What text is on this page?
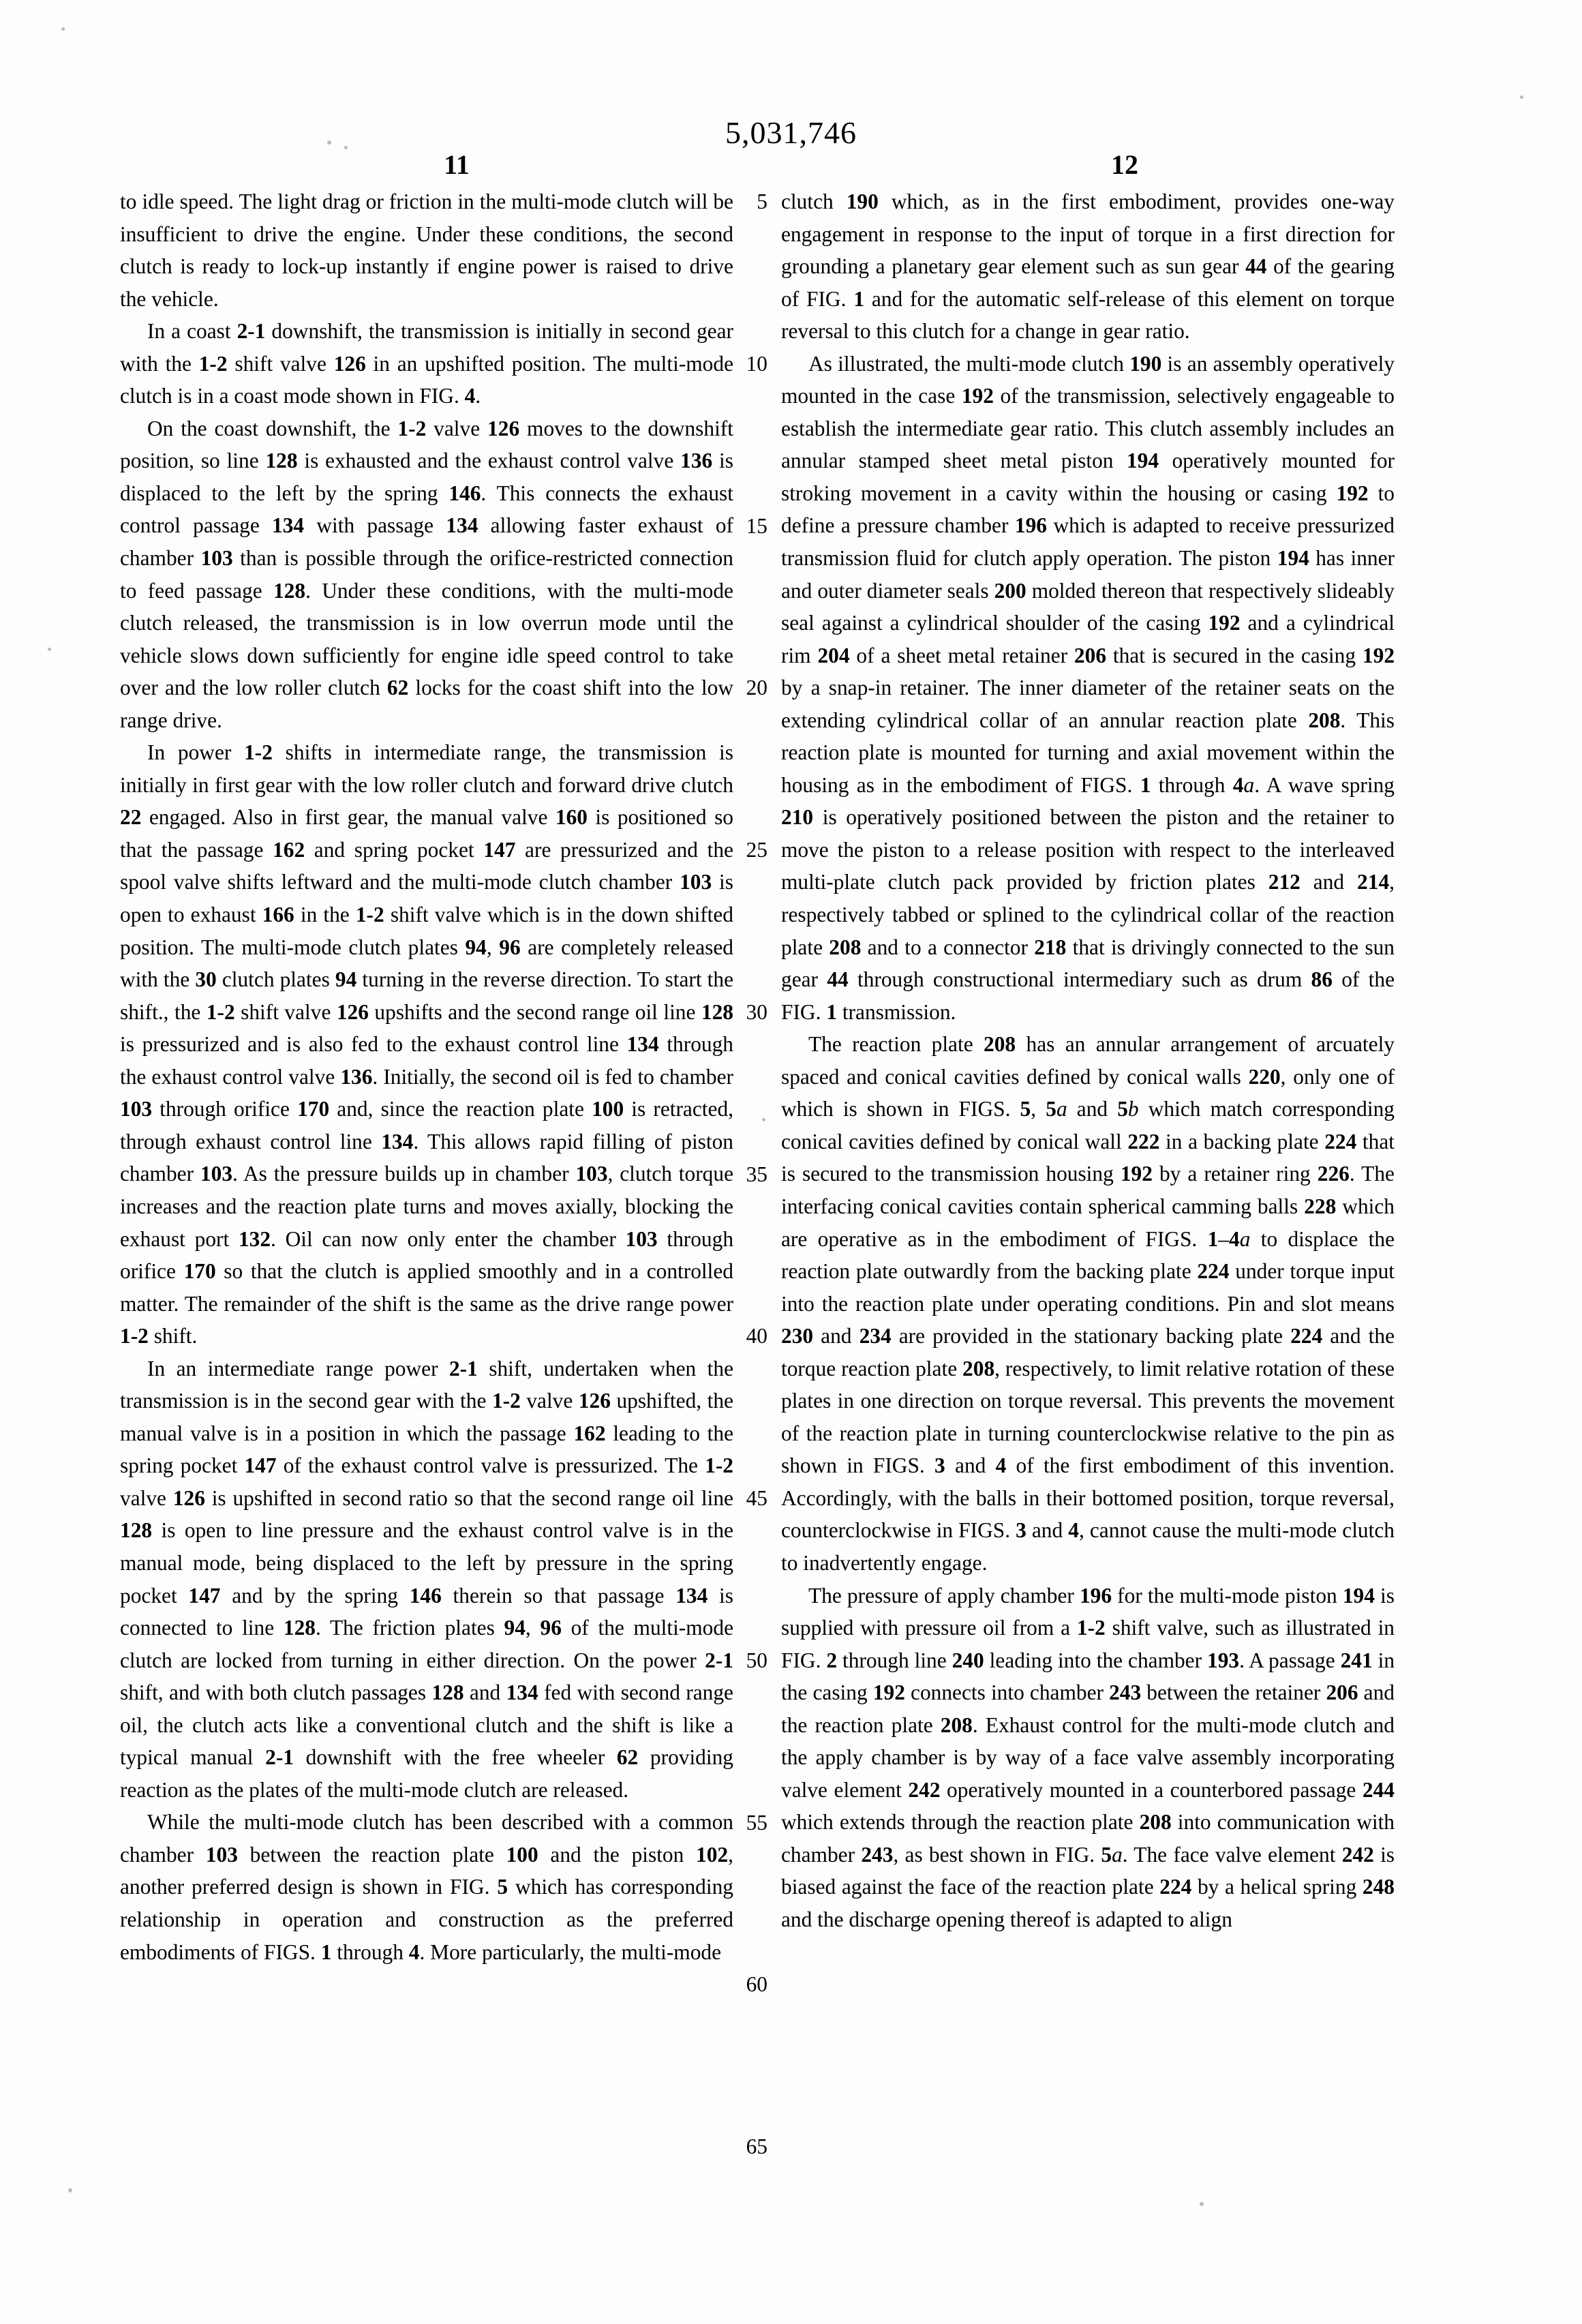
5,031,746
11	12
5
10
15
20
25
30
35
40
45
50
55
60
65

to idle speed. The light drag or friction in the multi-mode clutch will be insufficient to drive the engine. Under these conditions, the second clutch is ready to lock-up instantly if engine power is raised to drive the vehicle.

In a coast 2-1 downshift, the transmission is initially in second gear with the 1-2 shift valve 126 in an upshifted position. The multi-mode clutch is in a coast mode shown in FIG. 4.

On the coast downshift, the 1-2 valve 126 moves to the downshift position, so line 128 is exhausted and the exhaust control valve 136 is displaced to the left by the spring 146. This connects the exhaust control passage 134 with passage 134 allowing faster exhaust of chamber 103 than is possible through the orifice-restricted connection to feed passage 128. Under these conditions, with the multi-mode clutch released, the transmission is in low overrun mode until the vehicle slows down sufficiently for engine idle speed control to take over and the low roller clutch 62 locks for the coast shift into the low range drive.

In power 1-2 shifts in intermediate range, the transmission is initially in first gear with the low roller clutch and forward drive clutch 22 engaged. Also in first gear, the manual valve 160 is positioned so that the passage 162 and spring pocket 147 are pressurized and the spool valve shifts leftward and the multi-mode clutch chamber 103 is open to exhaust 166 in the 1-2 shift valve which is in the down shifted position. The multi-mode clutch plates 94, 96 are completely released with the 30 clutch plates 94 turning in the reverse direction. To start the shift., the 1-2 shift valve 126 upshifts and the second range oil line 128 is pressurized and is also fed to the exhaust control line 134 through the exhaust control valve 136. Initially, the second oil is fed to chamber 103 through orifice 170 and, since the reaction plate 100 is retracted, through exhaust control line 134. This allows rapid filling of piston chamber 103. As the pressure builds up in chamber 103, clutch torque increases and the reaction plate turns and moves axially, blocking the exhaust port 132. Oil can now only enter the chamber 103 through orifice 170 so that the clutch is applied smoothly and in a controlled matter. The remainder of the shift is the same as the drive range power 1-2 shift.

In an intermediate range power 2-1 shift, undertaken when the transmission is in the second gear with the 1-2 valve 126 upshifted, the manual valve is in a position in which the passage 162 leading to the spring pocket 147 of the exhaust control valve is pressurized. The 1-2 valve 126 is upshifted in second ratio so that the second range oil line 128 is open to line pressure and the exhaust control valve is in the manual mode, being displaced to the left by pressure in the spring pocket 147 and by the spring 146 therein so that passage 134 is connected to line 128. The friction plates 94, 96 of the multi-mode clutch are locked from turning in either direction. On the power 2-1 shift, and with both clutch passages 128 and 134 fed with second range oil, the clutch acts like a conventional clutch and the shift is like a typical manual 2-1 downshift with the free wheeler 62 providing reaction as the plates of the multi-mode clutch are released.

While the multi-mode clutch has been described with a common chamber 103 between the reaction plate 100 and the piston 102, another preferred design is shown in FIG. 5 which has corresponding relationship in operation and construction as the preferred embodiments of FIGS. 1 through 4. More particularly, the multi-mode

clutch 190 which, as in the first embodiment, provides one-way engagement in response to the input of torque in a first direction for grounding a planetary gear element such as sun gear 44 of the gearing of FIG. 1 and for the automatic self-release of this element on torque reversal to this clutch for a change in gear ratio.

As illustrated, the multi-mode clutch 190 is an assembly operatively mounted in the case 192 of the transmission, selectively engageable to establish the intermediate gear ratio. This clutch assembly includes an annular stamped sheet metal piston 194 operatively mounted for stroking movement in a cavity within the housing or casing 192 to define a pressure chamber 196 which is adapted to receive pressurized transmission fluid for clutch apply operation. The piston 194 has inner and outer diameter seals 200 molded thereon that respectively slideably seal against a cylindrical shoulder of the casing 192 and a cylindrical rim 204 of a sheet metal retainer 206 that is secured in the casing 192 by a snap-in retainer. The inner diameter of the retainer seats on the extending cylindrical collar of an annular reaction plate 208. This reaction plate is mounted for turning and axial movement within the housing as in the embodiment of FIGS. 1 through 4a. A wave spring 210 is operatively positioned between the piston and the retainer to move the piston to a release position with respect to the interleaved multi-plate clutch pack provided by friction plates 212 and 214, respectively tabbed or splined to the cylindrical collar of the reaction plate 208 and to a connector 218 that is drivingly connected to the sun gear 44 through constructional intermediary such as drum 86 of the FIG. 1 transmission.

The reaction plate 208 has an annular arrangement of arcuately spaced and conical cavities defined by conical walls 220, only one of which is shown in FIGS. 5, 5a and 5b which match corresponding conical cavities defined by conical wall 222 in a backing plate 224 that is secured to the transmission housing 192 by a retainer ring 226. The interfacing conical cavities contain spherical camming balls 228 which are operative as in the embodiment of FIGS. 1–4a to displace the reaction plate outwardly from the backing plate 224 under torque input into the reaction plate under operating conditions. Pin and slot means 230 and 234 are provided in the stationary backing plate 224 and the torque reaction plate 208, respectively, to limit relative rotation of these plates in one direction on torque reversal. This prevents the movement of the reaction plate in turning counterclockwise relative to the pin as shown in FIGS. 3 and 4 of the first embodiment of this invention. Accordingly, with the balls in their bottomed position, torque reversal, counterclockwise in FIGS. 3 and 4, cannot cause the multi-mode clutch to inadvertently engage.

The pressure of apply chamber 196 for the multi-mode piston 194 is supplied with pressure oil from a 1-2 shift valve, such as illustrated in FIG. 2 through line 240 leading into the chamber 193. A passage 241 in the casing 192 connects into chamber 243 between the retainer 206 and the reaction plate 208. Exhaust control for the multi-mode clutch and the apply chamber is by way of a face valve assembly incorporating valve element 242 operatively mounted in a counterbored passage 244 which extends through the reaction plate 208 into communication with chamber 243, as best shown in FIG. 5a. The face valve element 242 is biased against the face of the reaction plate 224 by a helical spring 248 and the discharge opening thereof is adapted to align
